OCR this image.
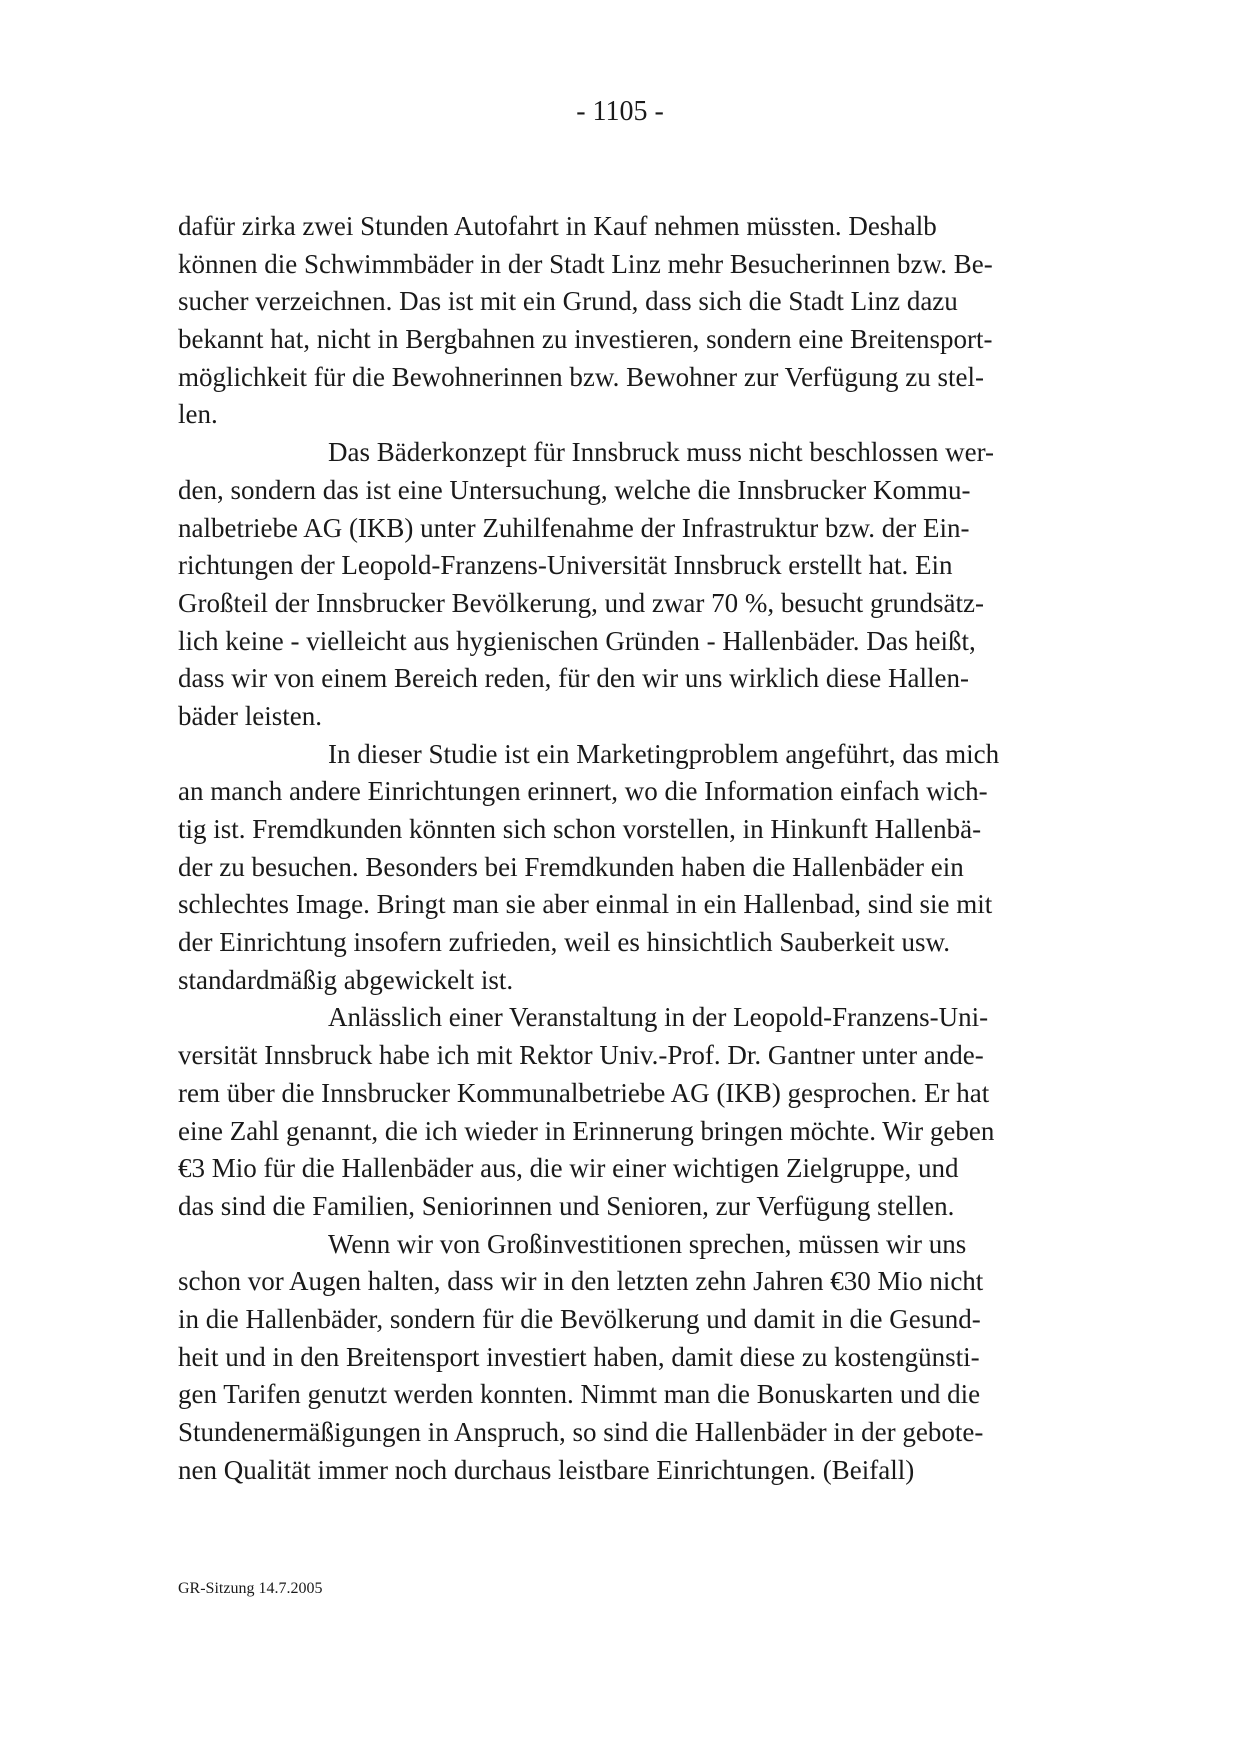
- 1105 -
dafür zirka zwei Stunden Autofahrt in Kauf nehmen müssten. Deshalb
können die Schwimmbäder in der Stadt Linz mehr Besucherinnen bzw. Be-
sucher verzeichnen. Das ist mit ein Grund, dass sich die Stadt Linz dazu
bekannt hat, nicht in Bergbahnen zu investieren, sondern eine Breitensport-
möglichkeit für die Bewohnerinnen bzw. Bewohner zur Verfügung zu stel-
len.
Das Bäderkonzept für Innsbruck muss nicht beschlossen wer-
den, sondern das ist eine Untersuchung, welche die Innsbrucker Kommu-
nalbetriebe AG (IKB) unter Zuhilfenahme der Infrastruktur bzw. der Ein-
richtungen der Leopold-Franzens-Universität Innsbruck erstellt hat. Ein
Großteil der Innsbrucker Bevölkerung, und zwar 70 %, besucht grundsätz-
lich keine - vielleicht aus hygienischen Gründen - Hallenbäder. Das heißt,
dass wir von einem Bereich reden, für den wir uns wirklich diese Hallen-
bäder leisten.
In dieser Studie ist ein Marketingproblem angeführt, das mich
an manch andere Einrichtungen erinnert, wo die Information einfach wich-
tig ist. Fremdkunden könnten sich schon vorstellen, in Hinkunft Hallenbä-
der zu besuchen. Besonders bei Fremdkunden haben die Hallenbäder ein
schlechtes Image. Bringt man sie aber einmal in ein Hallenbad, sind sie mit
der Einrichtung insofern zufrieden, weil es hinsichtlich Sauberkeit usw.
standardmäßig abgewickelt ist.
Anlässlich einer Veranstaltung in der Leopold-Franzens-Uni-
versität Innsbruck habe ich mit Rektor Univ.-Prof. Dr. Gantner unter ande-
rem über die Innsbrucker Kommunalbetriebe AG (IKB) gesprochen. Er hat
eine Zahl genannt, die ich wieder in Erinnerung bringen möchte. Wir geben
€3 Mio für die Hallenbäder aus, die wir einer wichtigen Zielgruppe, und
das sind die Familien, Seniorinnen und Senioren, zur Verfügung stellen.
Wenn wir von Großinvestitionen sprechen, müssen wir uns
schon vor Augen halten, dass wir in den letzten zehn Jahren €30 Mio nicht
in die Hallenbäder, sondern für die Bevölkerung und damit in die Gesund-
heit und in den Breitensport investiert haben, damit diese zu kostengünsti-
gen Tarifen genutzt werden konnten. Nimmt man die Bonuskarten und die
Stundenermäßigungen in Anspruch, so sind die Hallenbäder in der gebote-
nen Qualität immer noch durchaus leistbare Einrichtungen. (Beifall)
GR-Sitzung 14.7.2005
